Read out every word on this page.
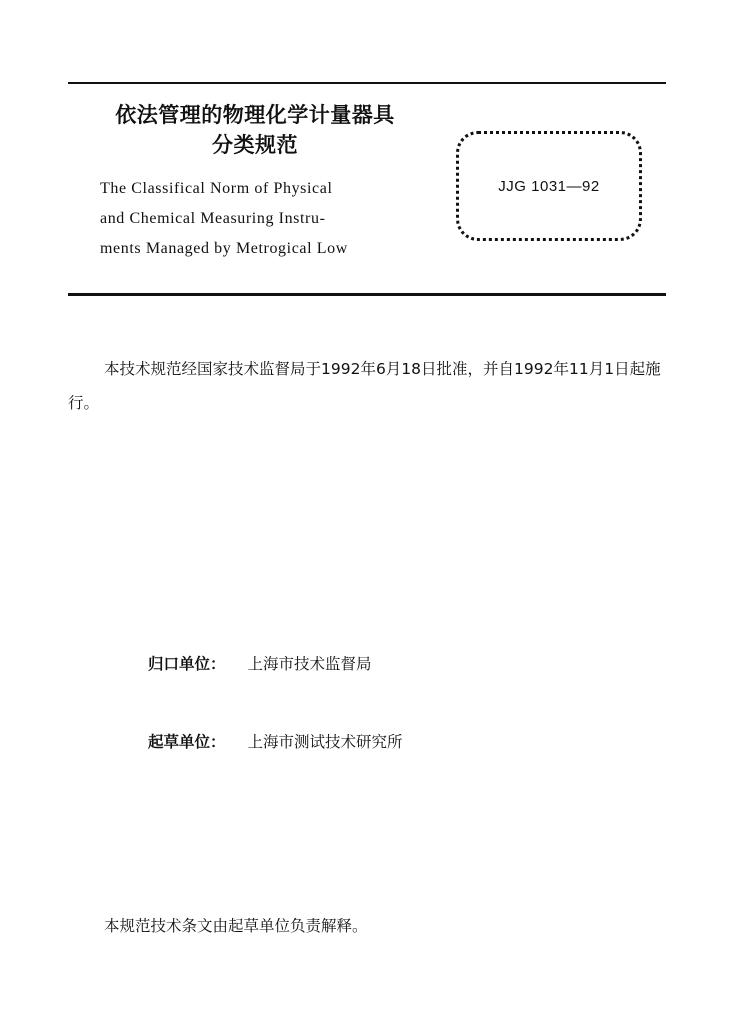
依法管理的物理化学计量器具
分类规范
The Classifical Norm of Physical
and Chemical Measuring Instru-
ments Managed by Metrogical Low
JJG 1031—92
本技术规范经国家技术监督局于1992年6月18日批准，并自1992年11月1日起施行。
归口单位： 上海市技术监督局
起草单位： 上海市测试技术研究所
本规范技术条文由起草单位负责解释。
